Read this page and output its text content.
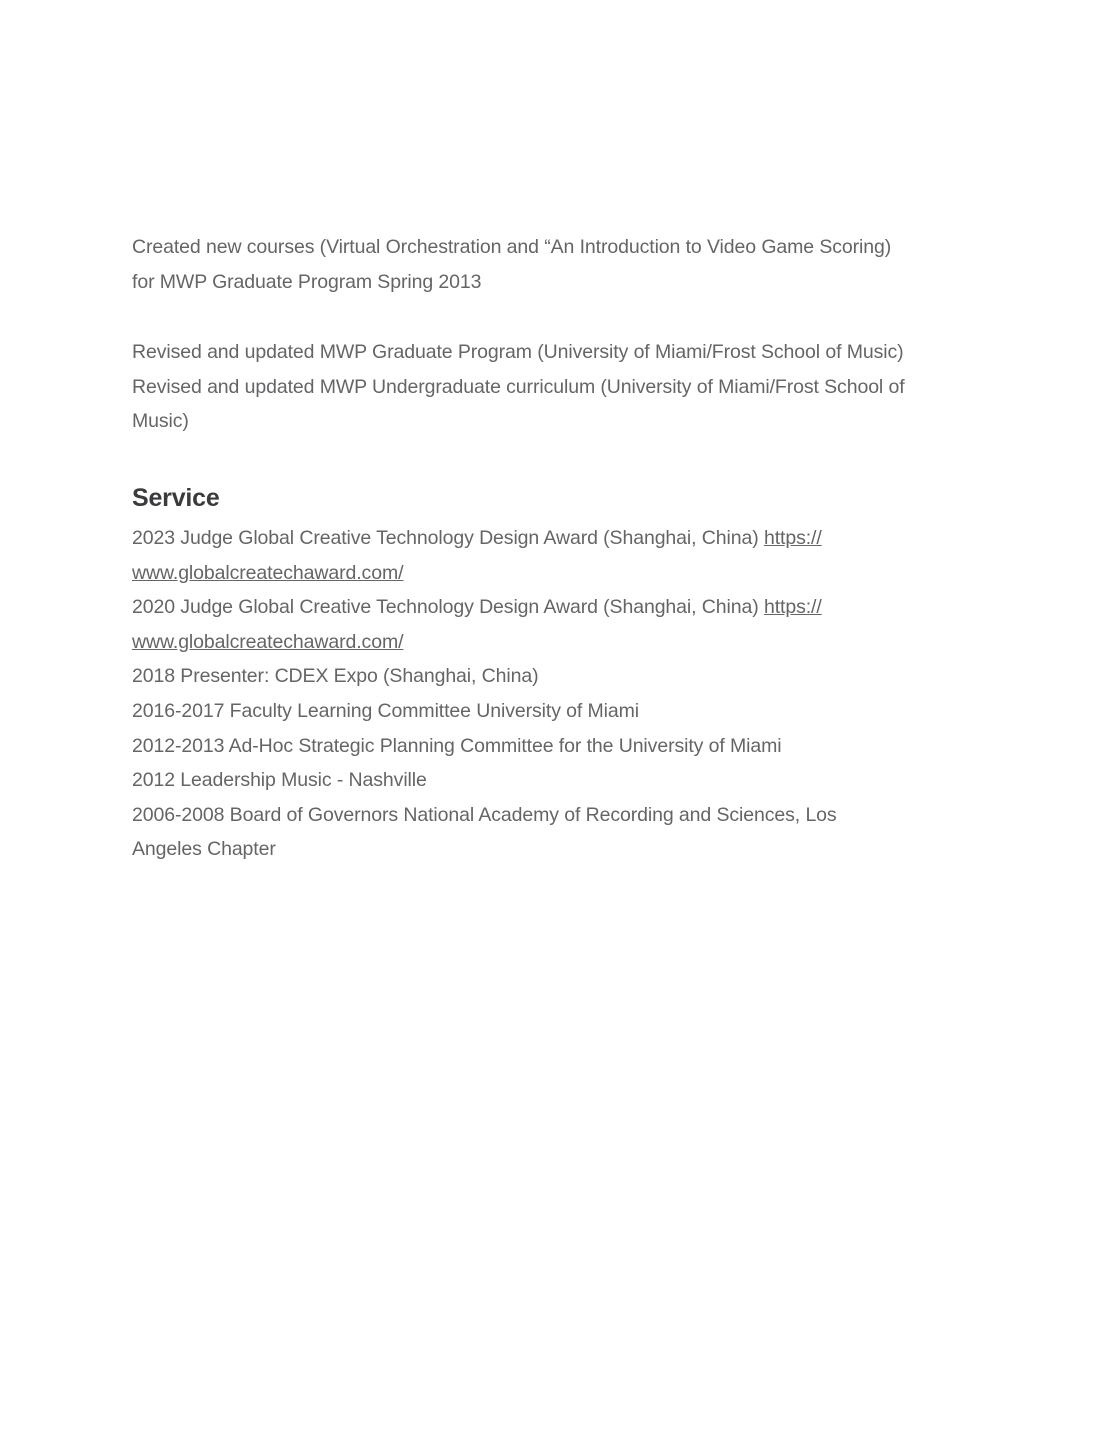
Created new courses (Virtual Orchestration and “An Introduction to Video Game Scoring)
for MWP Graduate Program Spring 2013
Revised and updated MWP Graduate Program (University of Miami/Frost School of Music)
Revised and updated MWP Undergraduate curriculum (University of Miami/Frost School of
Music)
Service
2023 Judge Global Creative Technology Design Award (Shanghai, China) https://
www.globalcreatechaward.com/
2020 Judge Global Creative Technology Design Award (Shanghai, China) https://
www.globalcreatechaward.com/
2018 Presenter: CDEX Expo (Shanghai, China)
2016-2017 Faculty Learning Committee University of Miami
2012-2013 Ad-Hoc Strategic Planning Committee for the University of Miami
2012 Leadership Music - Nashville
2006-2008 Board of Governors National Academy of Recording and Sciences, Los
Angeles Chapter
